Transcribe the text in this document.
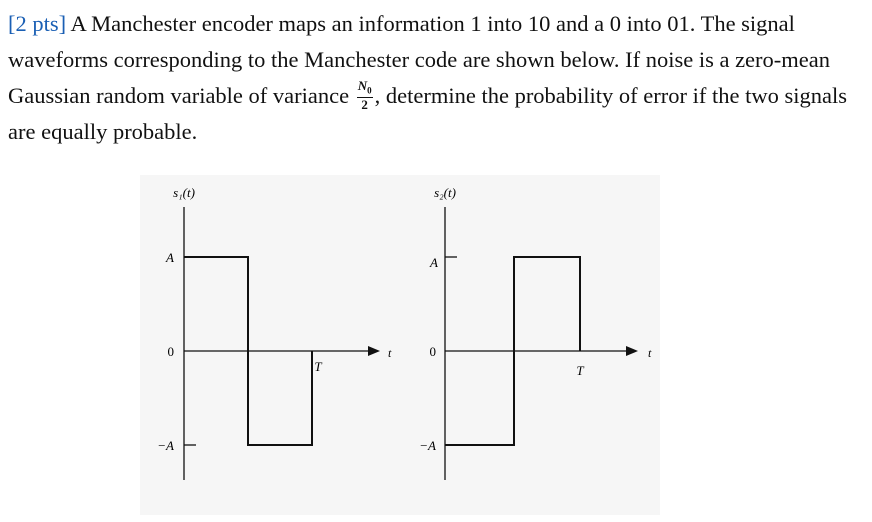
[2 pts] A Manchester encoder maps an information 1 into 10 and a 0 into 01. The signal waveforms corresponding to the Manchester code are shown below. If noise is a zero-mean Gaussian random variable of variance $\frac{N_0}{2}$ , determine the probability of error if the two signals are equally probable.

s₁(t)
A
0
−A
T
t
s₂(t)
A
0
−A
T
t
